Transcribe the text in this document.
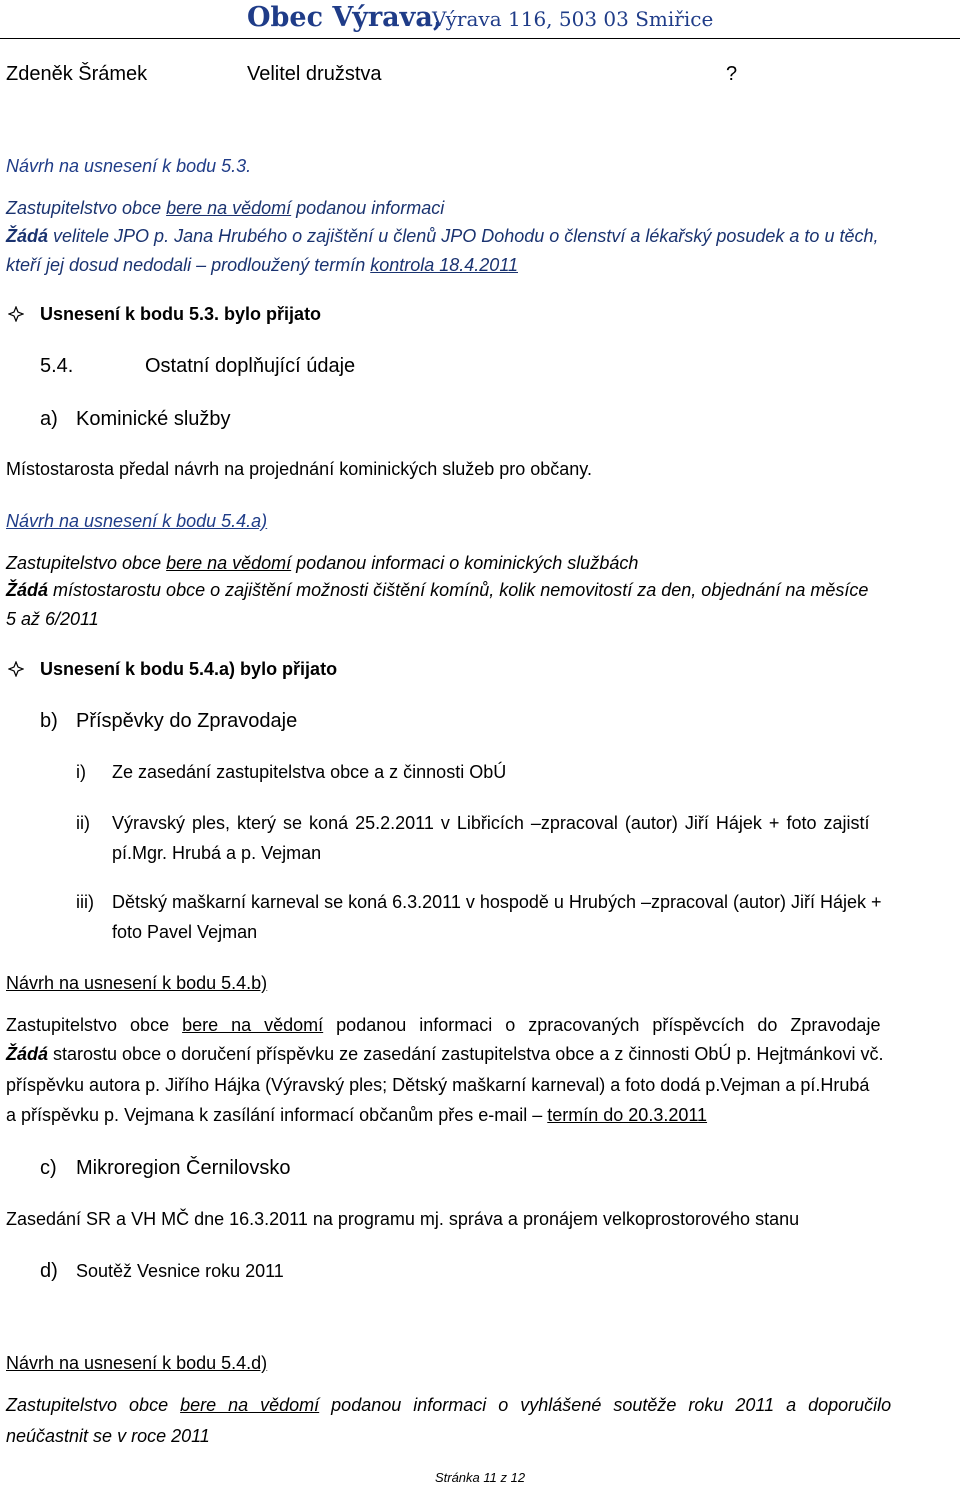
Obec Výrava,
Výrava 116, 503 03 Smiřice
Zdeněk Šrámek	Velitel družstva	?
Návrh na usnesení k bodu 5.3.
Zastupitelstvo obce bere na vědomí podanou informaci
Žádá velitele JPO p. Jana Hrubého o zajištění u členů JPO Dohodu o členství a lékařský posudek a to u těch,
kteří jej dosud nedodali – prodloužený termín kontrola 18.4.2011
Usnesení k bodu 5.3. bylo přijato
5.4.	Ostatní doplňující údaje
a) Kominické služby
Místostarosta předal návrh na projednání kominických služeb pro občany.
Návrh na usnesení k bodu 5.4.a)
Zastupitelstvo obce bere na vědomí podanou informaci o kominických službách
Žádá místostarostu obce o zajištění možnosti čištění komínů, kolik nemovitostí za den, objednání na měsíce
5 až 6/2011
Usnesení k bodu 5.4.a) bylo přijato
b) Příspěvky do Zpravodaje
i) Ze zasedání zastupitelstva obce a z činnosti ObÚ
ii) Výravský ples, který se koná 25.2.2011 v Libřicích –zpracoval (autor) Jiří Hájek + foto zajistí
pí.Mgr. Hrubá a p. Vejman
iii) Dětský maškarní karneval se koná 6.3.2011 v hospodě u Hrubých –zpracoval (autor) Jiří Hájek +
foto Pavel Vejman
Návrh na usnesení k bodu 5.4.b)
Zastupitelstvo obce bere na vědomí podanou informaci o zpracovaných příspěvcích do Zpravodaje
Žádá starostu obce o doručení příspěvku ze zasedání zastupitelstva obce a z činnosti ObÚ p. Hejtmánkovi vč.
příspěvku autora p. Jiřího Hájka (Výravský ples; Dětský maškarní karneval) a foto dodá p.Vejman a pí.Hrubá
a příspěvku p. Vejmana k zasílání informací občanům přes e-mail – termín do 20.3.2011
c) Mikroregion Černilovsko
Zasedání SR a VH MČ dne 16.3.2011 na programu mj. správa a pronájem velkoprostorového stanu
d) Soutěž Vesnice roku 2011
Návrh na usnesení k bodu 5.4.d)
Zastupitelstvo obce bere na vědomí podanou informaci o vyhlášené soutěže roku 2011 a doporučilo
neúčastnit se v roce 2011
Stránka 11 z 12
